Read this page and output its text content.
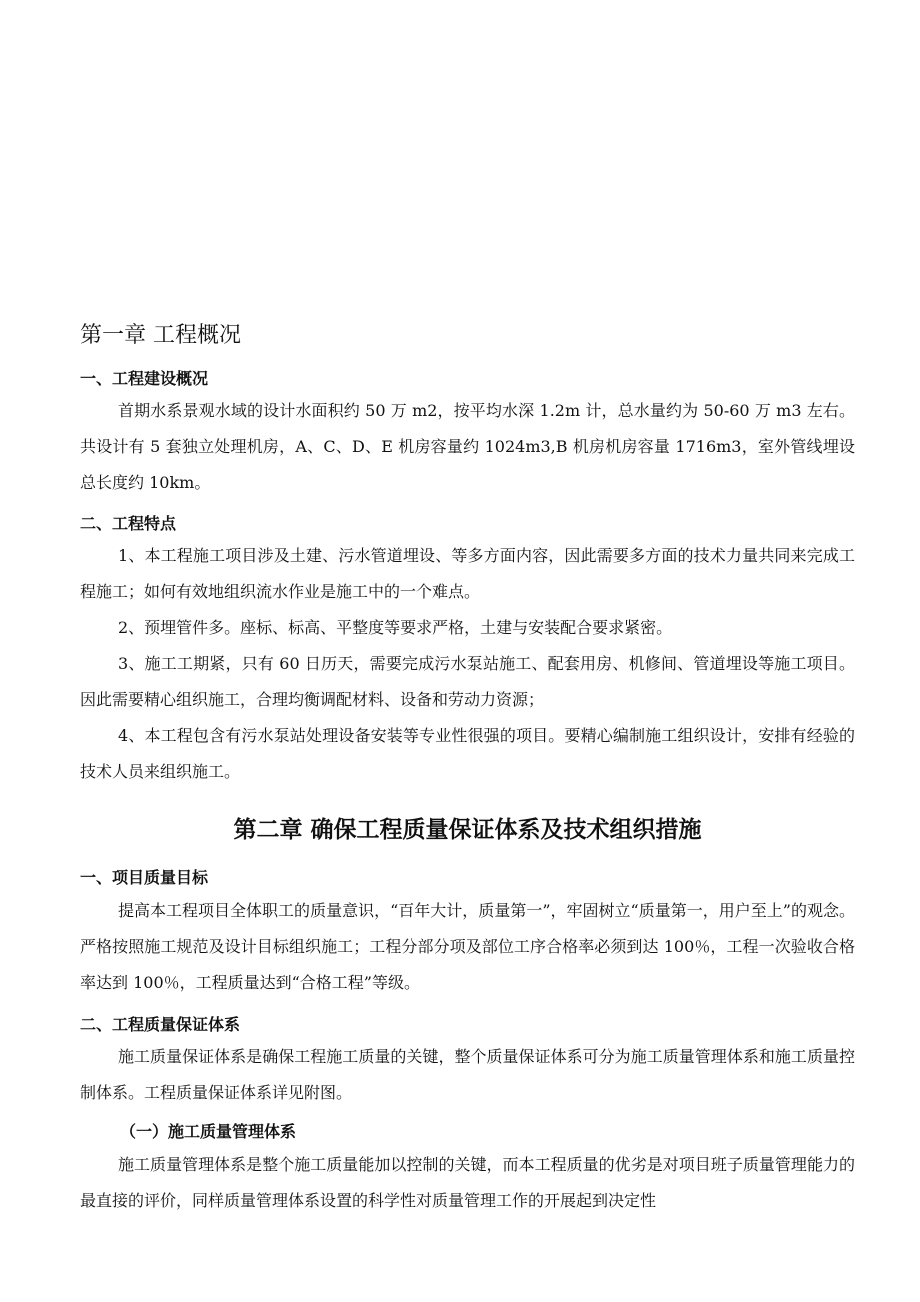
第一章 工程概况
一、工程建设概况

首期水系景观水域的设计水面积约 50 万 m2，按平均水深 1.2m 计，总水量约为 50-60 万 m3 左右。共设计有 5 套独立处理机房，A、C、D、E 机房容量约 1024m3,B 机房机房容量 1716m3，室外管线埋设总长度约 10km。

二、工程特点

1、本工程施工项目涉及土建、污水管道埋设、等多方面内容，因此需要多方面的技术力量共同来完成工程施工；如何有效地组织流水作业是施工中的一个难点。

2、预埋管件多。座标、标高、平整度等要求严格，土建与安装配合要求紧密。

3、施工工期紧，只有 60 日历天，需要完成污水泵站施工、配套用房、机修间、管道埋设等施工项目。因此需要精心组织施工，合理均衡调配材料、设备和劳动力资源；

4、本工程包含有污水泵站处理设备安装等专业性很强的项目。要精心编制施工组织设计，安排有经验的技术人员来组织施工。

第二章 确保工程质量保证体系及技术组织措施
一、项目质量目标

提高本工程项目全体职工的质量意识，“百年大计，质量第一”，牢固树立“质量第一，用户至上”的观念。严格按照施工规范及设计目标组织施工；工程分部分项及部位工序合格率必须到达 100％，工程一次验收合格率达到 100％，工程质量达到“合格工程”等级。

二、工程质量保证体系

施工质量保证体系是确保工程施工质量的关键，整个质量保证体系可分为施工质量管理体系和施工质量控制体系。工程质量保证体系详见附图。

（一）施工质量管理体系

施工质量管理体系是整个施工质量能加以控制的关键，而本工程质量的优劣是对项目班子质量管理能力的最直接的评价，同样质量管理体系设置的科学性对质量管理工作的开展起到决定性
